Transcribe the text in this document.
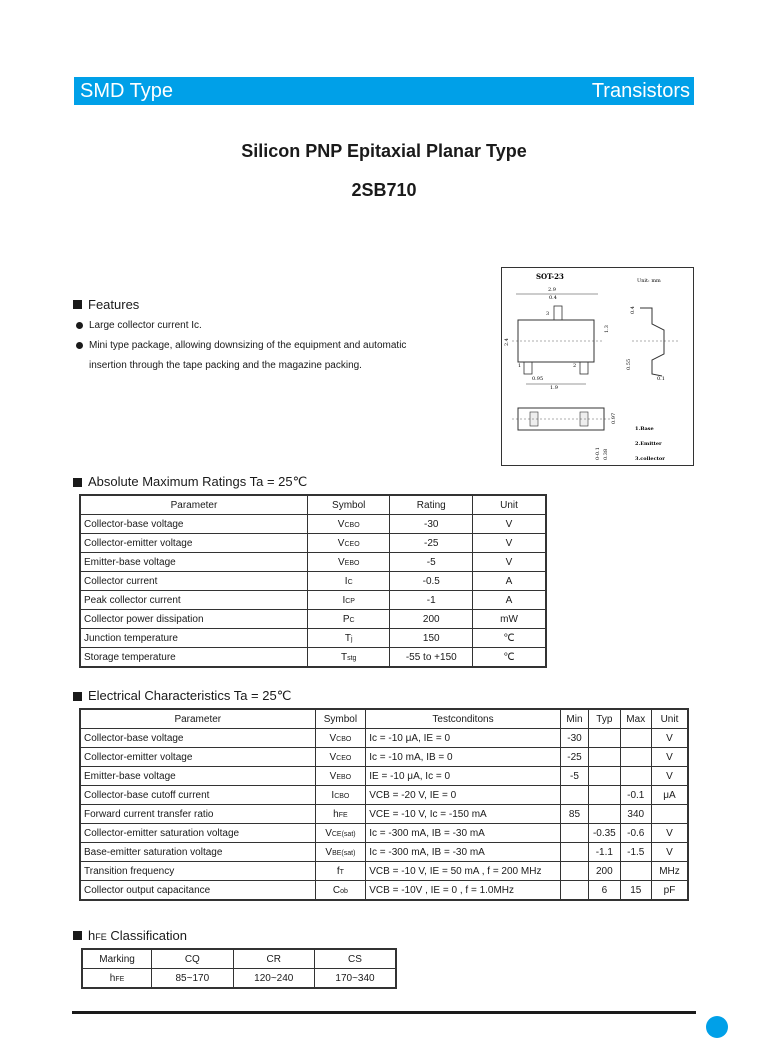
SMD Type	Transistors
Silicon PNP Epitaxial Planar Type
2SB710
Features
Large collector current Ic.
Mini type package, allowing downsizing of the equipment and automatic
insertion through the tape packing and the magazine packing.
SOT-23	Unit: mm
2.9
0.4
3
1	2
2.4
1.3
0.95
1.9
0.4
0.55
0.1
0.97
0-0.1 0.38
1.Base
2.Emitter
3.collector
Absolute Maximum Ratings Ta = 25℃
Parameter	Symbol	Rating	Unit
Collector-base voltage	VCBO	-30	V
Collector-emitter voltage	VCEO	-25	V
Emitter-base voltage	VEBO	-5	V
Collector current	IC	-0.5	A
Peak collector current	ICP	-1	A
Collector power dissipation	PC	200	mW
Junction temperature	Tj	150	℃
Storage temperature	Tstg	-55 to +150	℃
Electrical Characteristics Ta = 25℃
Parameter	Symbol	Testconditons	Min	Typ	Max	Unit
Collector-base voltage	VCBO	Ic = -10 μA, IE = 0	-30			V
Collector-emitter voltage	VCEO	Ic = -10 mA, IB = 0	-25			V
Emitter-base voltage	VEBO	IE = -10 μA, Ic = 0	-5			V
Collector-base cutoff current	ICBO	VCB = -20 V, IE = 0			-0.1	μA
Forward current transfer ratio	hFE	VCE = -10 V, Ic = -150 mA	85		340	
Collector-emitter saturation voltage	VCE(sat)	Ic = -300 mA, IB = -30 mA		-0.35	-0.6	V
Base-emitter saturation voltage	VBE(sat)	Ic = -300 mA, IB = -30 mA		-1.1	-1.5	V
Transition frequency	fT	VCB = -10 V, IE = 50 mA , f = 200 MHz		200		MHz
Collector output capacitance	Cob	VCB = -10V , IE = 0 , f = 1.0MHz		6	15	pF
hFE Classification
Marking	CQ	CR	CS
hFE	85~170	120~240	170~340
